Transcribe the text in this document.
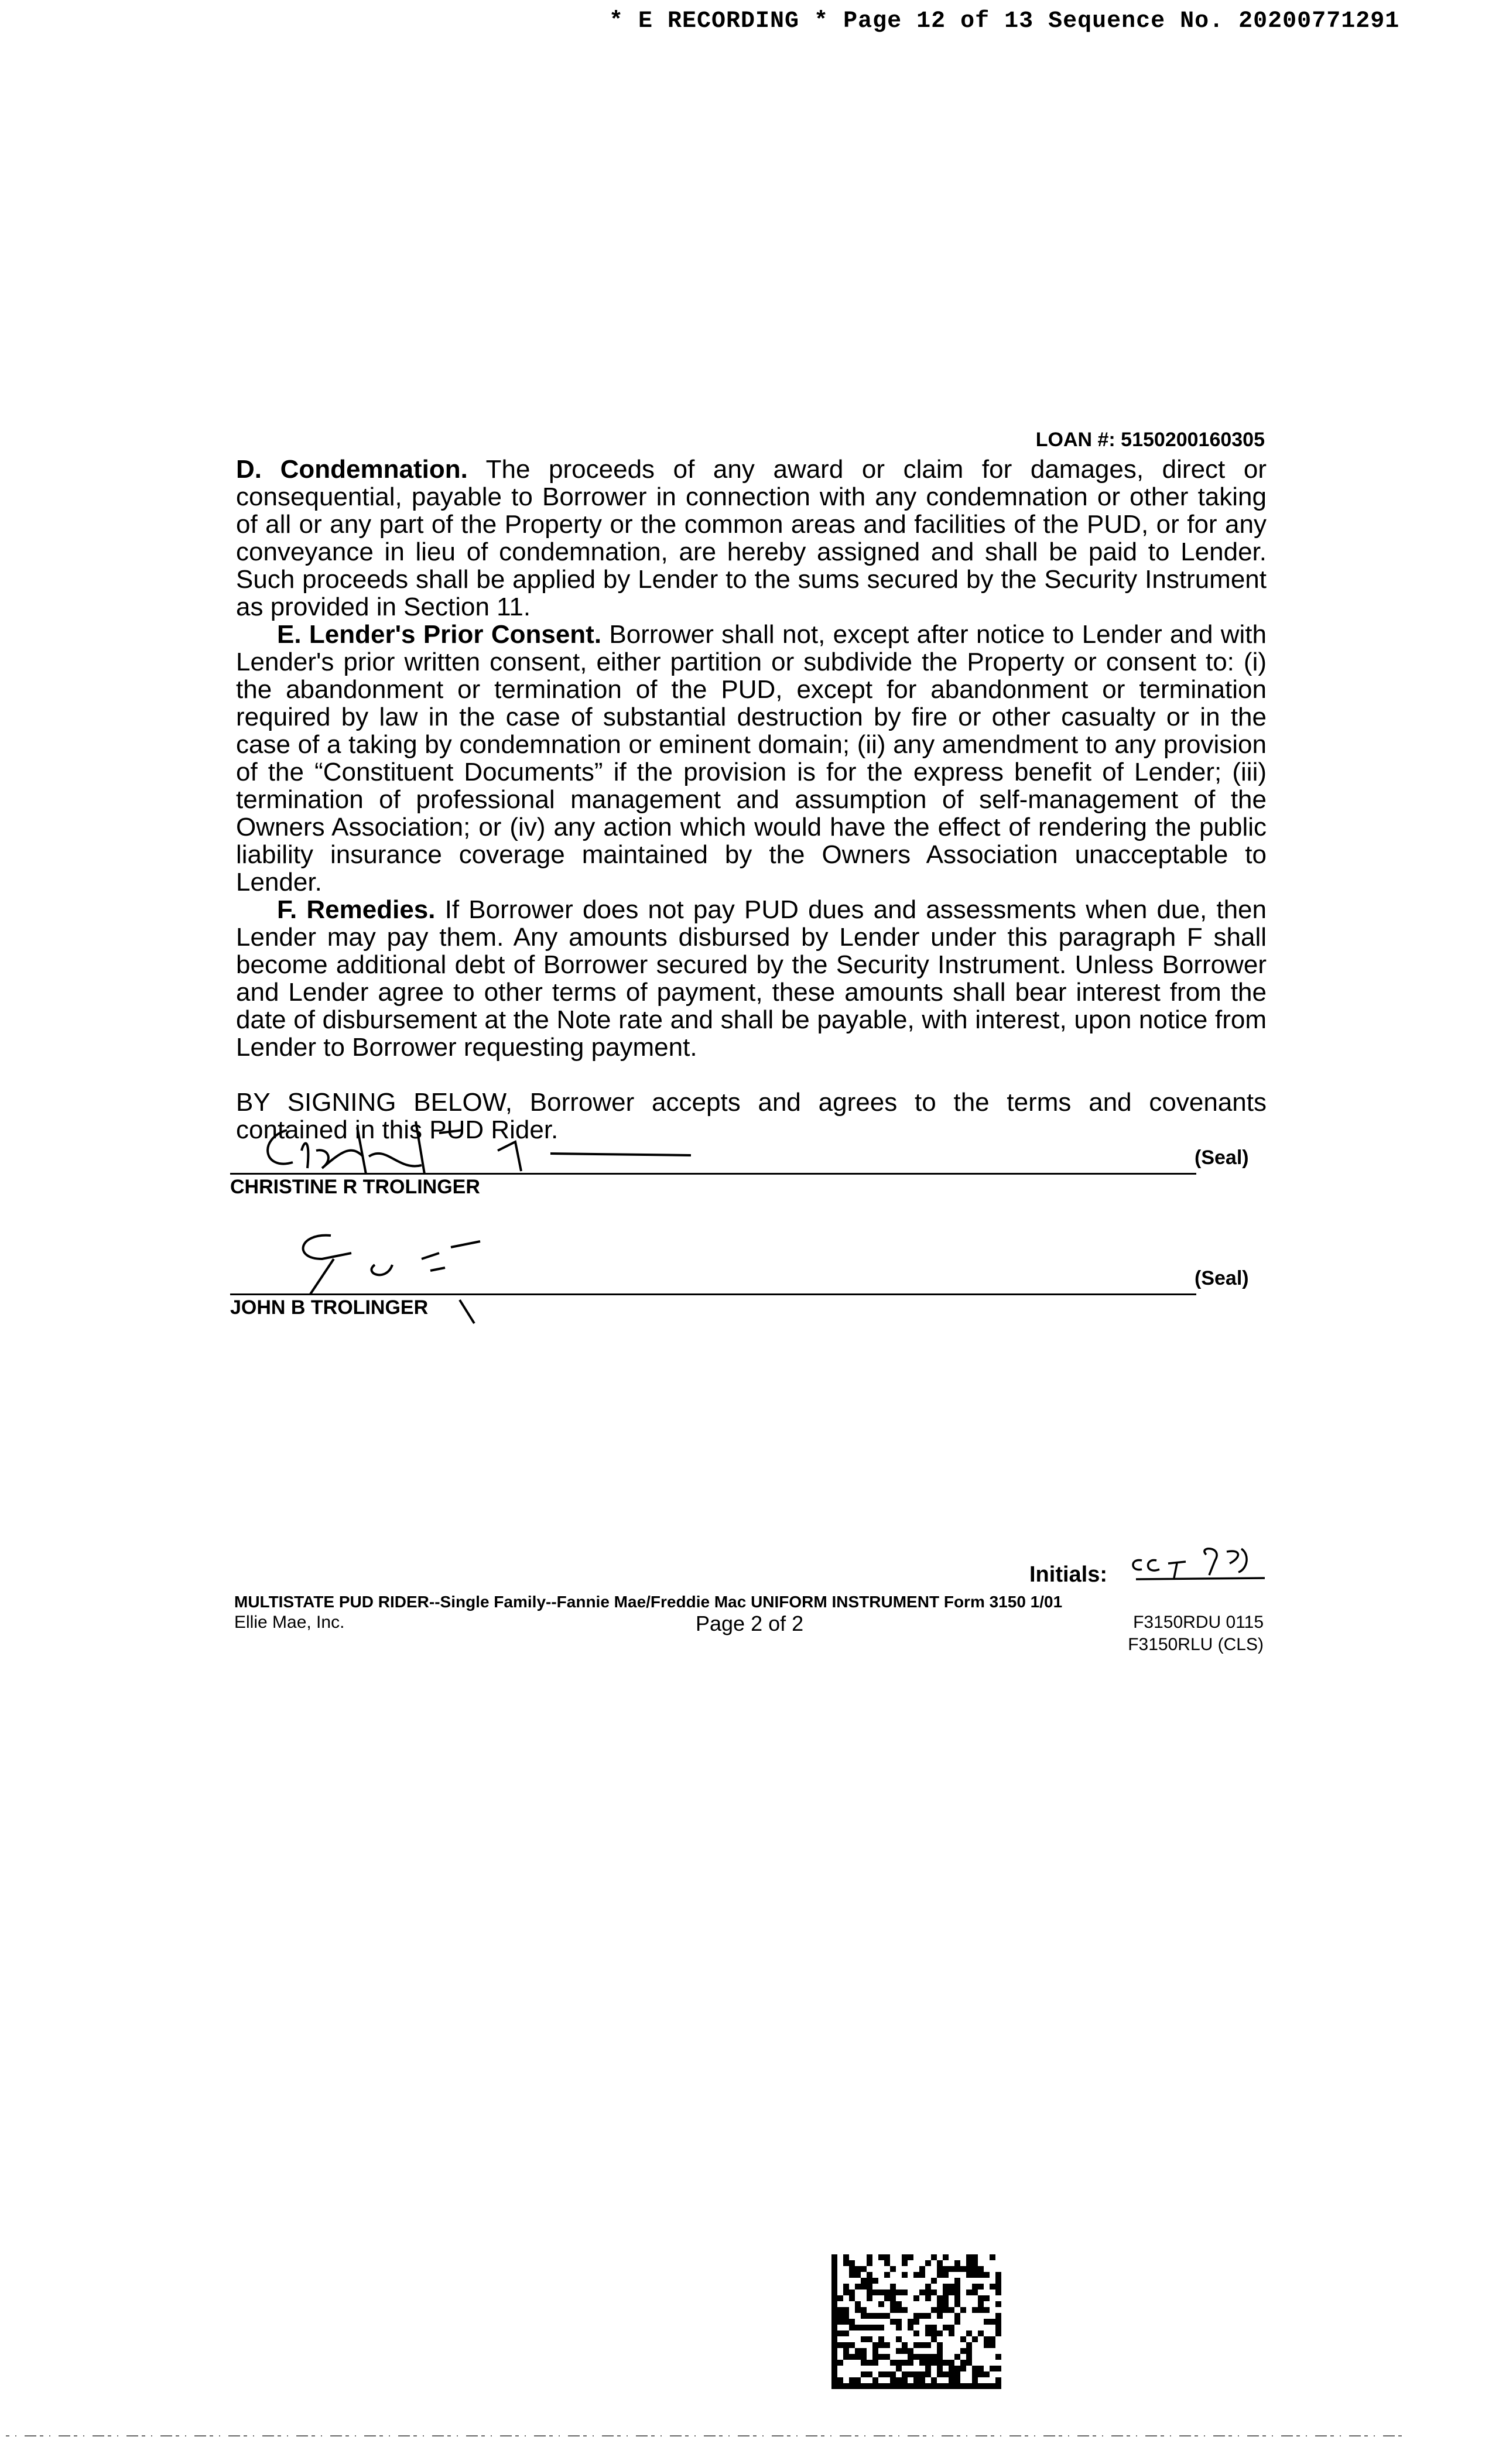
* E RECORDING * Page 12 of 13 Sequence No. 20200771291
LOAN #: 5150200160305

D. Condemnation. The proceeds of any award or claim for damages, direct or consequential, payable to Borrower in connection with any condemnation or other taking of all or any part of the Property or the common areas and facilities of the PUD, or for any conveyance in lieu of condemnation, are hereby assigned and shall be paid to Lender. Such proceeds shall be applied by Lender to the sums secured by the Security Instrument as provided in Section 11.

E. Lender's Prior Consent. Borrower shall not, except after notice to Lender and with Lender's prior written consent, either partition or subdivide the Property or consent to: (i) the abandonment or termination of the PUD, except for abandonment or termination required by law in the case of substantial destruction by fire or other casualty or in the case of a taking by condemnation or eminent domain; (ii) any amendment to any provision of the “Constituent Documents” if the provision is for the express benefit of Lender; (iii) termination of professional management and assumption of self-management of the Owners Association; or (iv) any action which would have the effect of rendering the public liability insurance coverage maintained by the Owners Association unacceptable to Lender.

F. Remedies. If Borrower does not pay PUD dues and assessments when due, then Lender may pay them. Any amounts disbursed by Lender under this paragraph F shall become additional debt of Borrower secured by the Security Instrument. Unless Borrower and Lender agree to other terms of payment, these amounts shall bear interest from the date of disbursement at the Note rate and shall be payable, with interest, upon notice from Lender to Borrower requesting payment.

BY SIGNING BELOW, Borrower accepts and agrees to the terms and covenants contained in this PUD Rider.

(Seal)
CHRISTINE R TROLINGER
(Seal)
JOHN B TROLINGER
Initials:
MULTISTATE PUD RIDER--Single Family--Fannie Mae/Freddie Mac UNIFORM INSTRUMENT Form 3150 1/01
Ellie Mae, Inc.	Page 2 of 2	F3150RDU 0115
F3150RLU (CLS)
